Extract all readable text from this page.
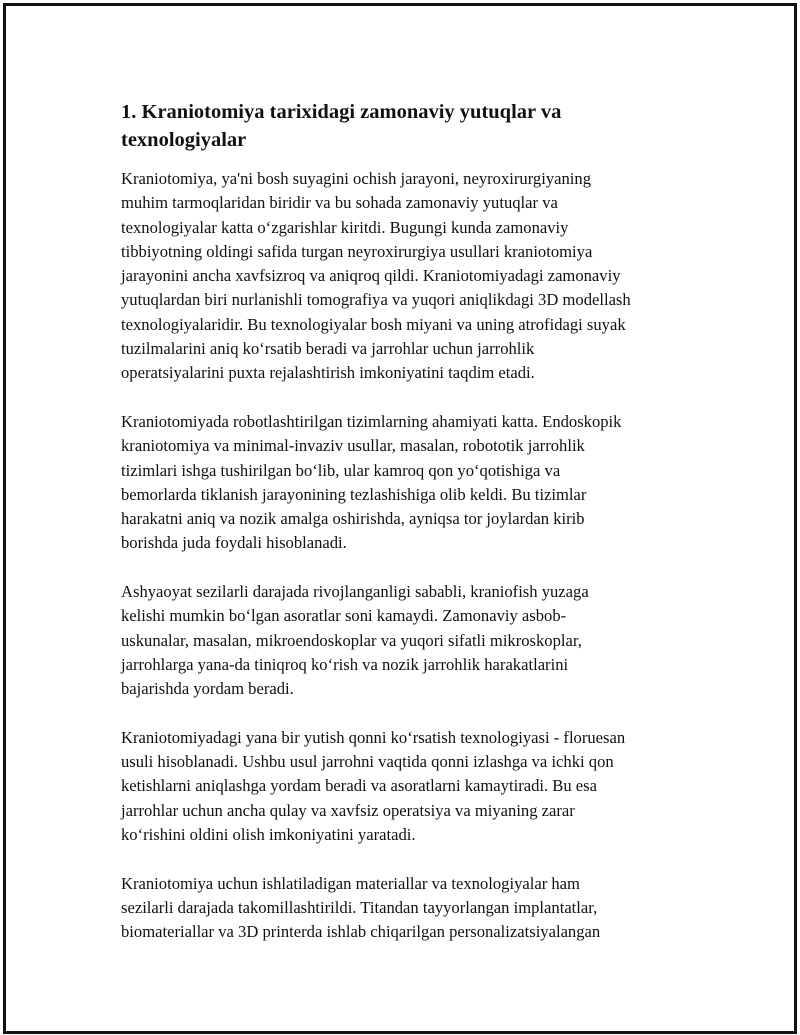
1. Kraniotomiya tarixidagi zamonaviy yutuqlar va
texnologiyalar

Kraniotomiya, ya'ni bosh suyagini ochish jarayoni, neyroxirurgiyaning
muhim tarmoqlaridan biridir va bu sohada zamonaviy yutuqlar va
texnologiyalar katta o‘zgarishlar kiritdi. Bugungi kunda zamonaviy
tibbiyotning oldingi safida turgan neyroxirurgiya usullari kraniotomiya
jarayonini ancha xavfsizroq va aniqroq qildi. Kraniotomiyadagi zamonaviy
yutuqlardan biri nurlanishli tomografiya va yuqori aniqlikdagi 3D modellash
texnologiyalaridir. Bu texnologiyalar bosh miyani va uning atrofidagi suyak
tuzilmalarini aniq ko‘rsatib beradi va jarrohlar uchun jarrohlik
operatsiyalarini puxta rejalashtirish imkoniyatini taqdim etadi.

Kraniotomiyada robotlashtirilgan tizimlarning ahamiyati katta. Endoskopik
kraniotomiya va minimal-invaziv usullar, masalan, robototik jarrohlik
tizimlari ishga tushirilgan bo‘lib, ular kamroq qon yo‘qotishiga va
bemorlarda tiklanish jarayonining tezlashishiga olib keldi. Bu tizimlar
harakatni aniq va nozik amalga oshirishda, ayniqsa tor joylardan kirib
borishda juda foydali hisoblanadi.

Ashyaoyat sezilarli darajada rivojlanganligi sababli, kraniofish yuzaga
kelishi mumkin bo‘lgan asoratlar soni kamaydi. Zamonaviy asbob-
uskunalar, masalan, mikroendoskoplar va yuqori sifatli mikroskoplar,
jarrohlarga yana-da tiniqroq ko‘rish va nozik jarrohlik harakatlarini
bajarishda yordam beradi.

Kraniotomiyadagi yana bir yutish qonni ko‘rsatish texnologiyasi - floruesan
usuli hisoblanadi. Ushbu usul jarrohni vaqtida qonni izlashga va ichki qon
ketishlarni aniqlashga yordam beradi va asoratlarni kamaytiradi. Bu esa
jarrohlar uchun ancha qulay va xavfsiz operatsiya va miyaning zarar
ko‘rishini oldini olish imkoniyatini yaratadi.

Kraniotomiya uchun ishlatiladigan materiallar va texnologiyalar ham
sezilarli darajada takomillashtirildi. Titandan tayyorlangan implantatlar,
biomateriallar va 3D printerda ishlab chiqarilgan personalizatsiyalangan
